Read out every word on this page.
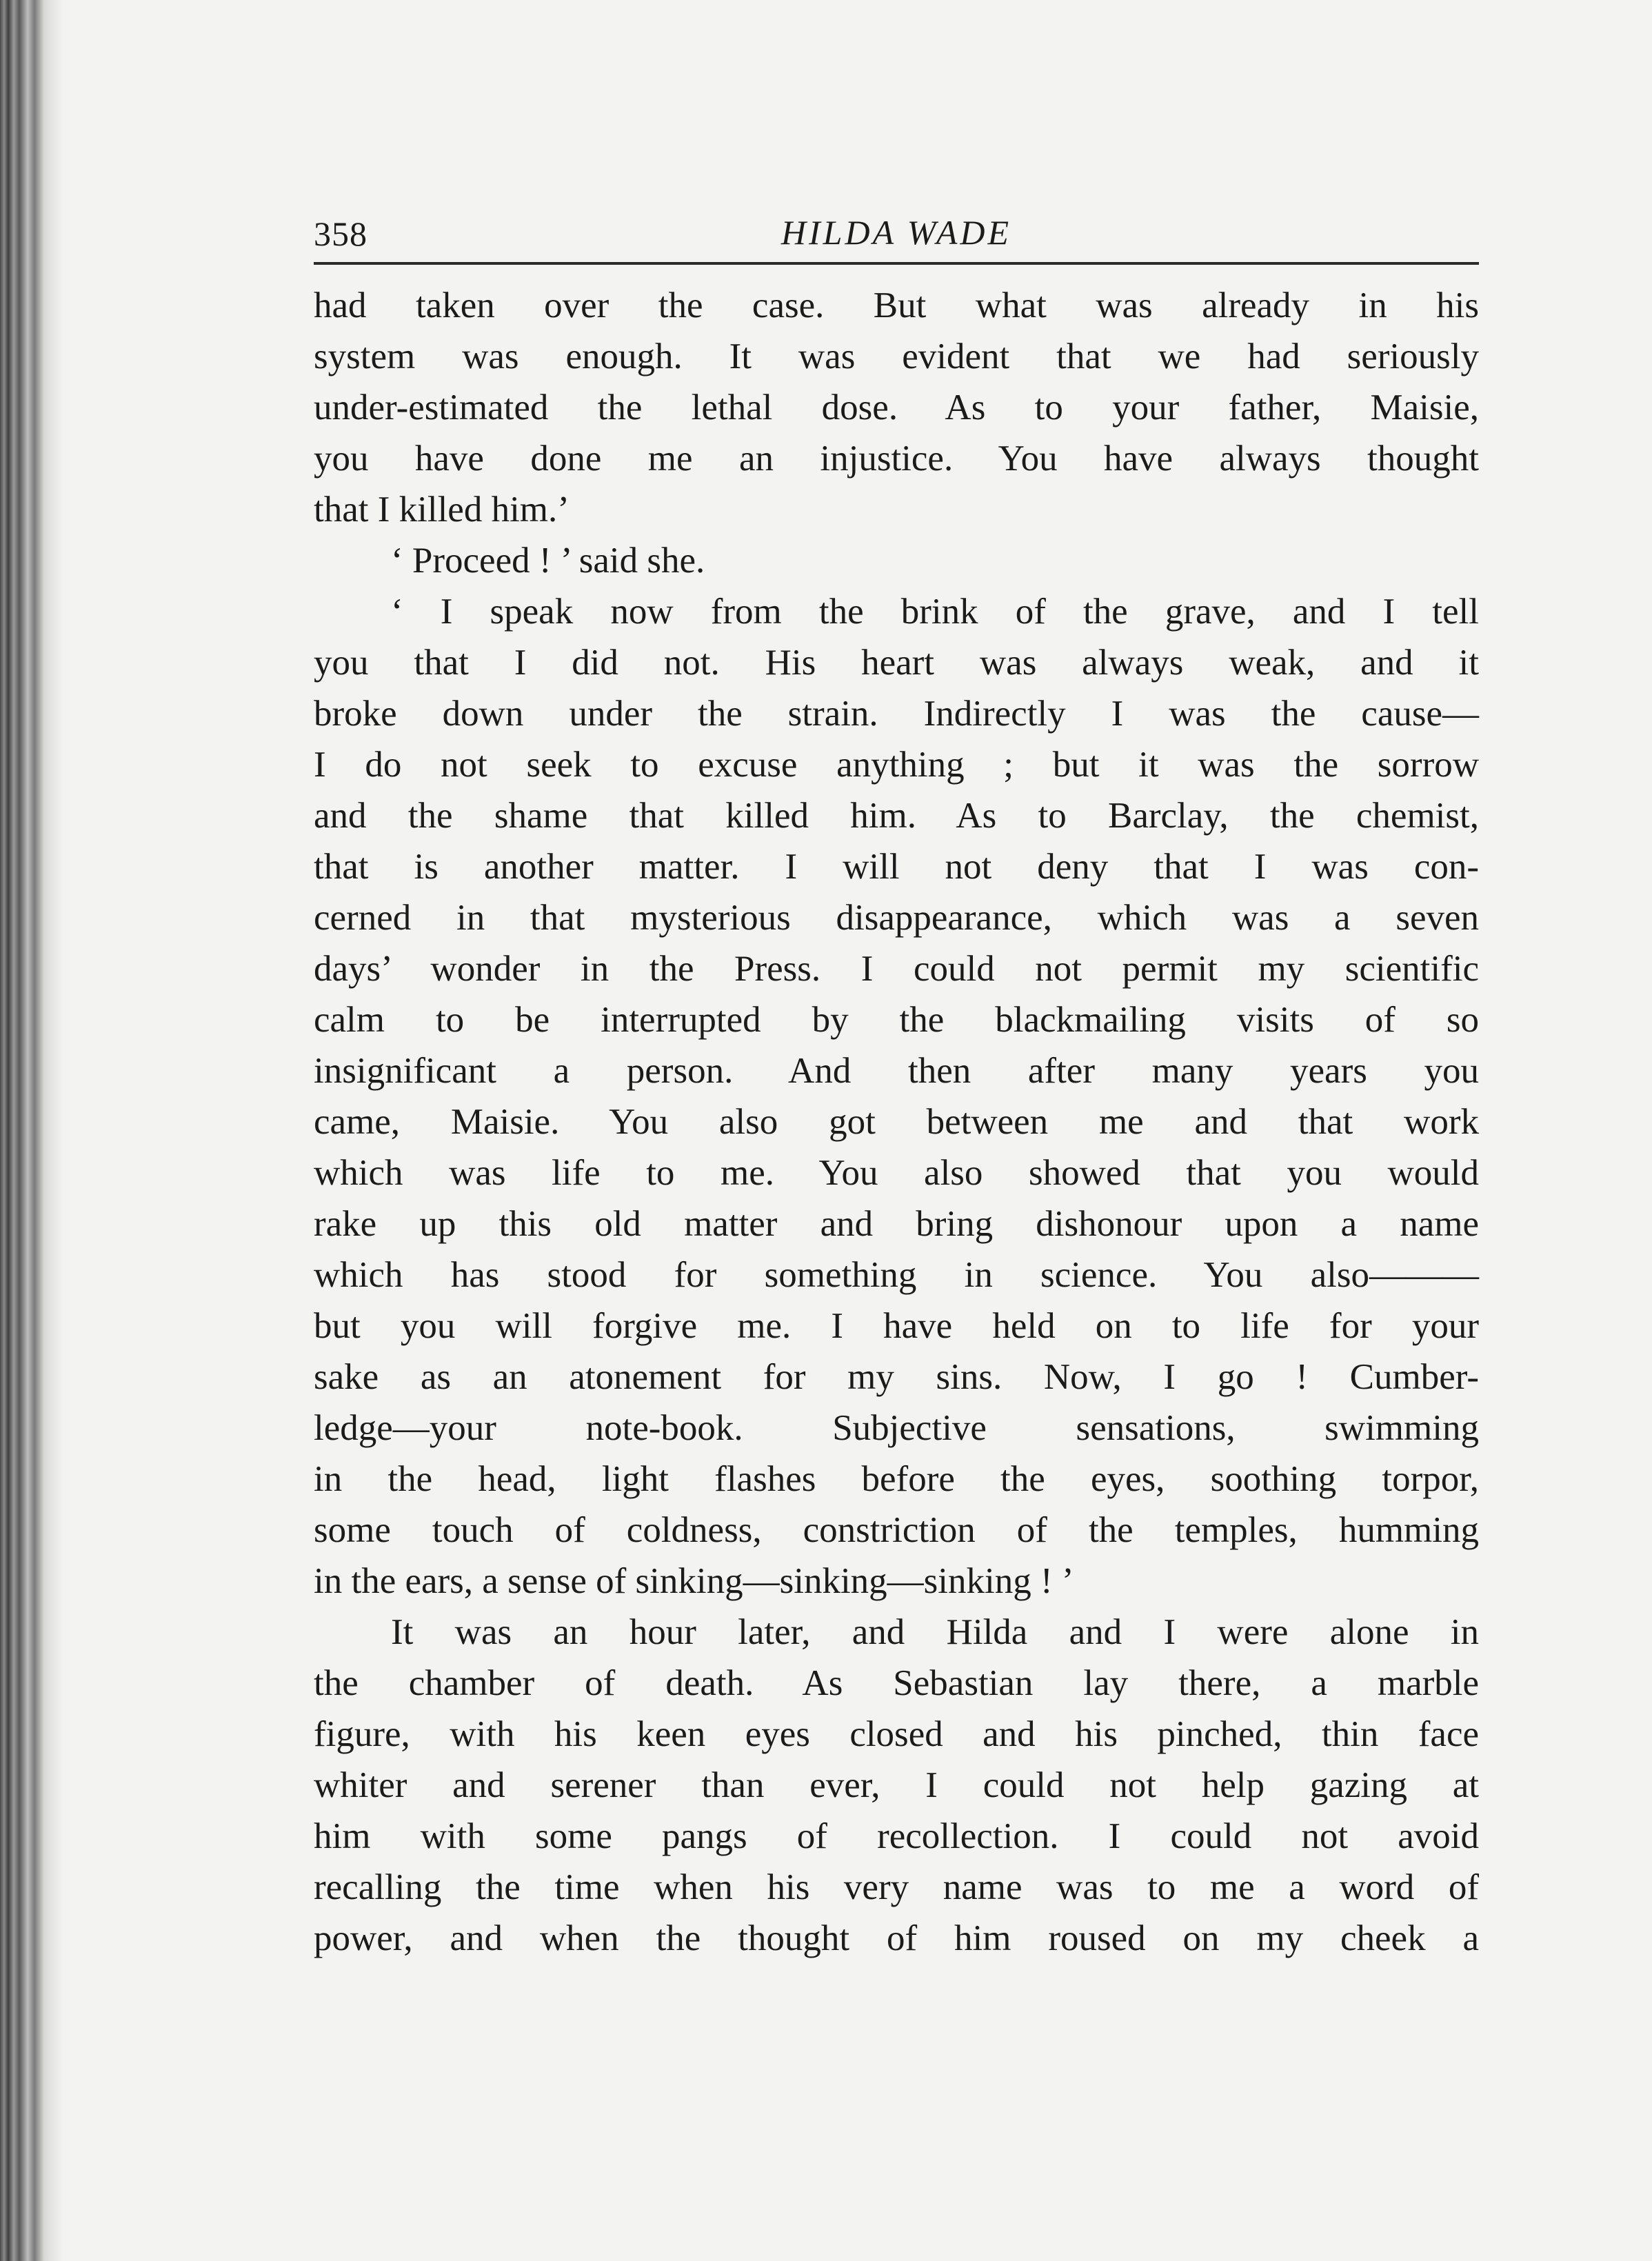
358	HILDA WADE
had taken over the case. But what was already in his
system was enough. It was evident that we had seriously
under-estimated the lethal dose. As to your father, Maisie,
you have done me an injustice. You have always thought
that I killed him.’
‘ Proceed ! ’ said she.
‘ I speak now from the brink of the grave, and I tell
you that I did not. His heart was always weak, and it
broke down under the strain. Indirectly I was the cause—
I do not seek to excuse anything ; but it was the sorrow
and the shame that killed him. As to Barclay, the chemist,
that is another matter. I will not deny that I was con-
cerned in that mysterious disappearance, which was a seven
days’ wonder in the Press. I could not permit my scientific
calm to be interrupted by the blackmailing visits of so
insignificant a person. And then after many years you
came, Maisie. You also got between me and that work
which was life to me. You also showed that you would
rake up this old matter and bring dishonour upon a name
which has stood for something in science. You also———
but you will forgive me. I have held on to life for your
sake as an atonement for my sins. Now, I go ! Cumber-
ledge—your note-book. Subjective sensations, swimming
in the head, light flashes before the eyes, soothing torpor,
some touch of coldness, constriction of the temples, humming
in the ears, a sense of sinking—sinking—sinking ! ’
It was an hour later, and Hilda and I were alone in
the chamber of death. As Sebastian lay there, a marble
figure, with his keen eyes closed and his pinched, thin face
whiter and serener than ever, I could not help gazing at
him with some pangs of recollection. I could not avoid
recalling the time when his very name was to me a word of
power, and when the thought of him roused on my cheek a
